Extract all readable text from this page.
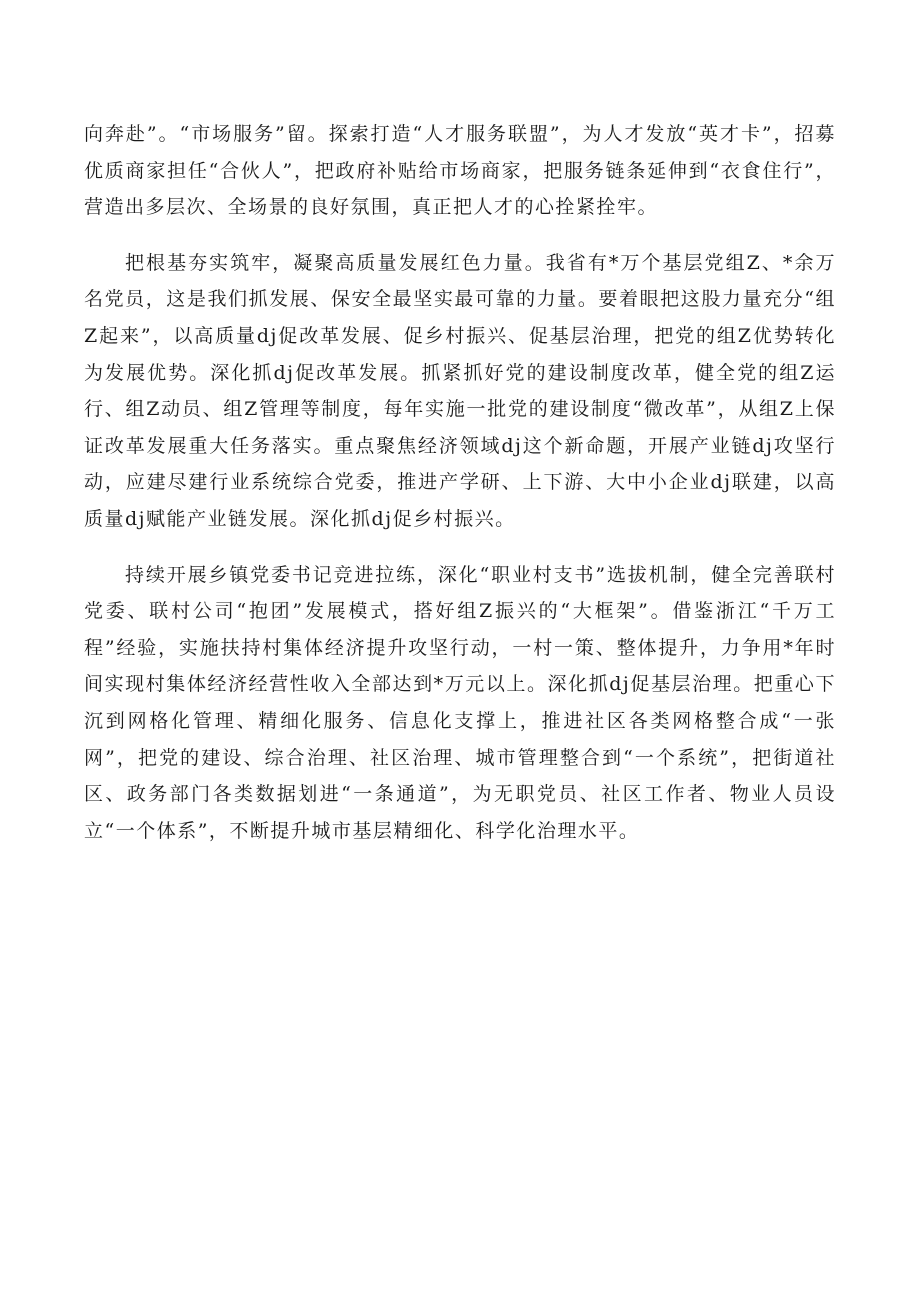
向奔赴”。“市场服务”留。探索打造“人才服务联盟”，为人才发放“英才卡”，招募优质商家担任“合伙人”，把政府补贴给市场商家，把服务链条延伸到“衣食住行”，营造出多层次、全场景的良好氛围，真正把人才的心拴紧拴牢。

把根基夯实筑牢，凝聚高质量发展红色力量。我省有*万个基层党组Z、*余万名党员，这是我们抓发展、保安全最坚实最可靠的力量。要着眼把这股力量充分“组Z起来”，以高质量dj促改革发展、促乡村振兴、促基层治理，把党的组Z优势转化为发展优势。深化抓dj促改革发展。抓紧抓好党的建设制度改革，健全党的组Z运行、组Z动员、组Z管理等制度，每年实施一批党的建设制度“微改革”，从组Z上保证改革发展重大任务落实。重点聚焦经济领域dj这个新命题，开展产业链dj攻坚行动，应建尽建行业系统综合党委，推进产学研、上下游、大中小企业dj联建，以高质量dj赋能产业链发展。深化抓dj促乡村振兴。

持续开展乡镇党委书记竞进拉练，深化“职业村支书”选拔机制，健全完善联村党委、联村公司“抱团”发展模式，搭好组Z振兴的“大框架”。借鉴浙江“千万工程”经验，实施扶持村集体经济提升攻坚行动，一村一策、整体提升，力争用*年时间实现村集体经济经营性收入全部达到*万元以上。深化抓dj促基层治理。把重心下沉到网格化管理、精细化服务、信息化支撑上，推进社区各类网格整合成“一张网”，把党的建设、综合治理、社区治理、城市管理整合到“一个系统”，把街道社区、政务部门各类数据划进“一条通道”，为无职党员、社区工作者、物业人员设立“一个体系”，不断提升城市基层精细化、科学化治理水平。
